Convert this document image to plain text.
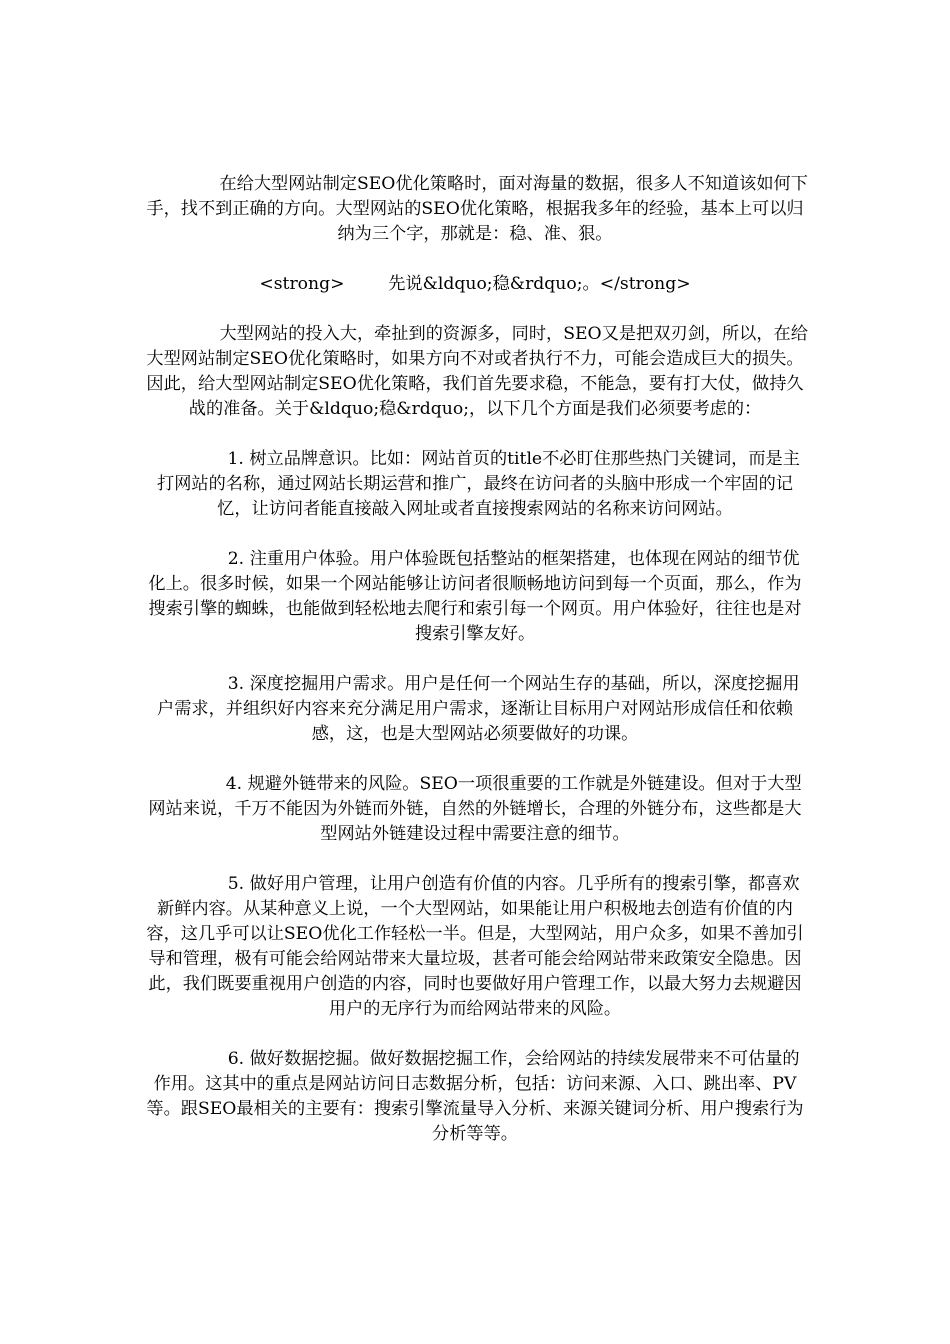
在给大型网站制定SEO优化策略时，面对海量的数据，很多人不知道该如何下手，找不到正确的方向。大型网站的SEO优化策略，根据我多年的经验，基本上可以归纳为三个字，那就是：稳、准、狠。

<strong>        先说&ldquo;稳&rdquo;。</strong>

大型网站的投入大，牵扯到的资源多，同时，SEO又是把双刃剑，所以，在给大型网站制定SEO优化策略时，如果方向不对或者执行不力，可能会造成巨大的损失。因此，给大型网站制定SEO优化策略，我们首先要求稳，不能急，要有打大仗，做持久战的准备。关于&ldquo;稳&rdquo;，以下几个方面是我们必须要考虑的：

1. 树立品牌意识。比如：网站首页的title不必盯住那些热门关键词，而是主打网站的名称，通过网站长期运营和推广，最终在访问者的头脑中形成一个牢固的记忆，让访问者能直接敲入网址或者直接搜索网站的名称来访问网站。

2. 注重用户体验。用户体验既包括整站的框架搭建，也体现在网站的细节优化上。很多时候，如果一个网站能够让访问者很顺畅地访问到每一个页面，那么，作为搜索引擎的蜘蛛，也能做到轻松地去爬行和索引每一个网页。用户体验好，往往也是对搜索引擎友好。

3. 深度挖掘用户需求。用户是任何一个网站生存的基础，所以，深度挖掘用户需求，并组织好内容来充分满足用户需求，逐渐让目标用户对网站形成信任和依赖感，这，也是大型网站必须要做好的功课。

4. 规避外链带来的风险。SEO一项很重要的工作就是外链建设。但对于大型网站来说，千万不能因为外链而外链，自然的外链增长，合理的外链分布，这些都是大型网站外链建设过程中需要注意的细节。

5. 做好用户管理，让用户创造有价值的内容。几乎所有的搜索引擎，都喜欢新鲜内容。从某种意义上说，一个大型网站，如果能让用户积极地去创造有价值的内容，这几乎可以让SEO优化工作轻松一半。但是，大型网站，用户众多，如果不善加引导和管理，极有可能会给网站带来大量垃圾，甚者可能会给网站带来政策安全隐患。因此，我们既要重视用户创造的内容，同时也要做好用户管理工作，以最大努力去规避因用户的无序行为而给网站带来的风险。

6. 做好数据挖掘。做好数据挖掘工作，会给网站的持续发展带来不可估量的作用。这其中的重点是网站访问日志数据分析，包括：访问来源、入口、跳出率、PV等。跟SEO最相关的主要有：搜索引擎流量导入分析、来源关键词分析、用户搜索行为分析等等。
